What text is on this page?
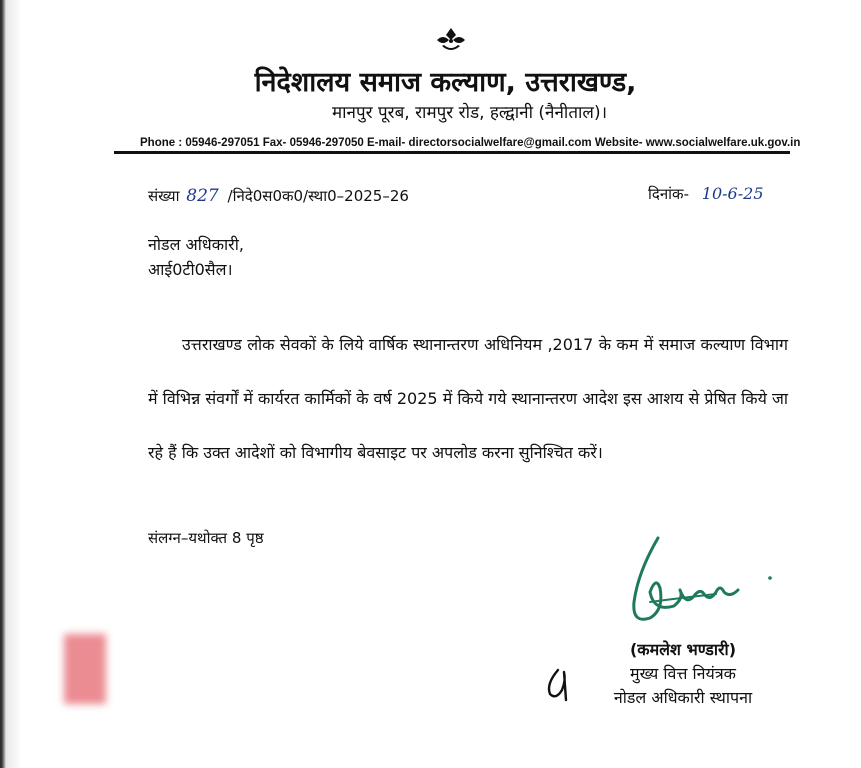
निदेशालय समाज कल्याण, उत्तराखण्ड,
मानपुर पूरब, रामपुर रोड, हल्द्वानी (नैनीताल)।
Phone : 05946-297051 Fax- 05946-297050 E-mail- directorsocialwelfare@gmail.com Website- www.socialwelfare.uk.gov.in
संख्या 827 /निदे0स0क0/स्था0–2025–26	दिनांक- 10-6-25
नोडल अधिकारी,
आई0टी0सैल।
उत्तराखण्ड लोक सेवकों के लिये वार्षिक स्थानान्तरण अधिनियम ,2017 के कम में समाज कल्याण विभाग में विभिन्न संवर्गों में कार्यरत कार्मिकों के वर्ष 2025 में किये गये स्थानान्तरण आदेश इस आशय से प्रेषित किये जा रहे हैं कि उक्त आदेशों को विभागीय बेवसाइट पर अपलोड करना सुनिश्चित करें।
संलग्न–यथोक्त 8 पृष्ठ
(कमलेश भण्डारी)
मुख्य वित्त नियंत्रक
नोडल अधिकारी स्थापना
